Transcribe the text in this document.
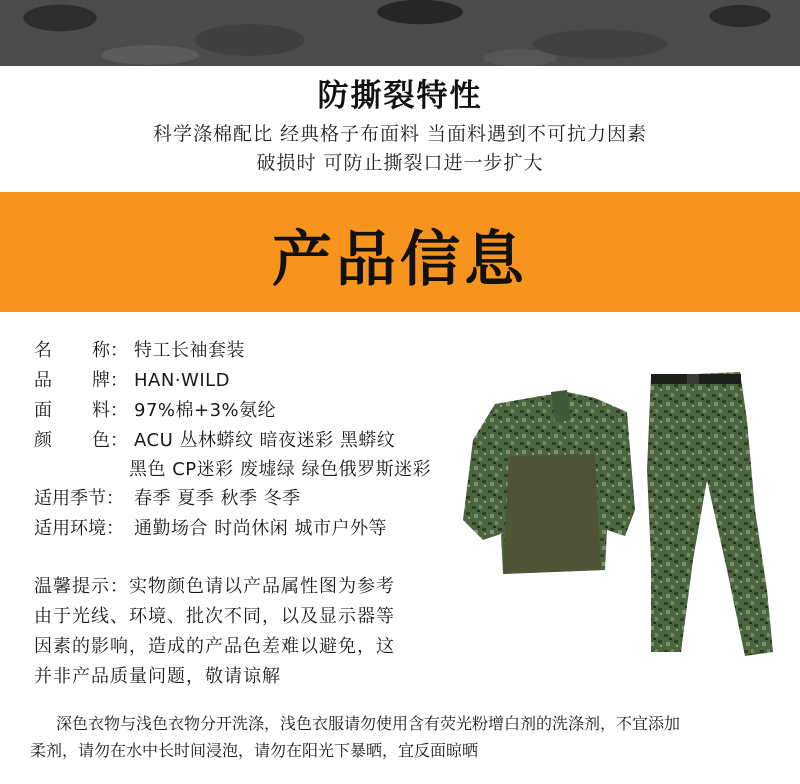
防撕裂特性
科学涤棉配比 经典格子布面料 当面料遇到不可抗力因素
破损时 可防止撕裂口进一步扩大
产品信息
名 称： 特工长袖套装
品 牌： HAN·WILD
面 料： 97%棉+3%氨纶
颜 色： ACU 丛林蟒纹 暗夜迷彩 黑蟒纹
黑色 CP迷彩 废墟绿 绿色俄罗斯迷彩
适用季节： 春季 夏季 秋季 冬季
适用环境： 通勤场合 时尚休闲 城市户外等
温馨提示：实物颜色请以产品属性图为参考
由于光线、环境、批次不同，以及显示器等
因素的影响，造成的产品色差难以避免，这
并非产品质量问题，敬请谅解
深色衣物与浅色衣物分开洗涤，浅色衣服请勿使用含有荧光粉增白剂的洗涤剂，不宜添加
柔剂，请勿在水中长时间浸泡，请勿在阳光下暴晒，宜反面晾晒
